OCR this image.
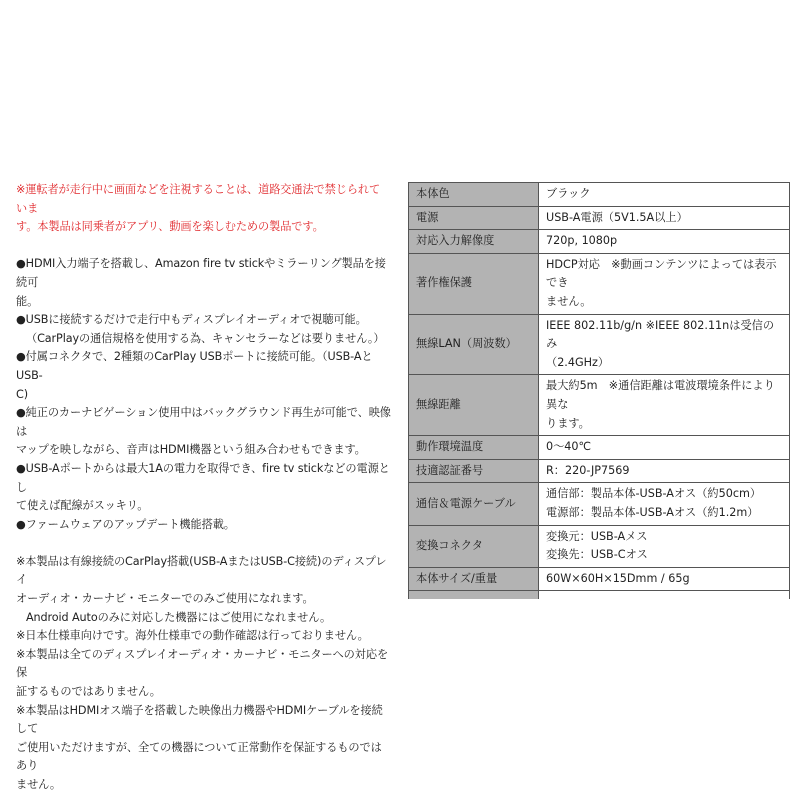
※運転者が走行中に画面などを注視することは、道路交通法で禁じられていま
す。本製品は同乗者がアプリ、動画を楽しむための製品です。

●HDMI入力端子を搭載し、Amazon fire tv stickやミラーリング製品を接続可
能。

●USBに接続するだけで走行中もディスプレイオーディオで視聴可能。

（CarPlayの通信規格を使用する為、キャンセラーなどは要りません。）

●付属コネクタで、2種類のCarPlay USBポートに接続可能。（USB-AとUSB-
C)

●純正のカーナビゲーション使用中はバックグラウンド再生が可能で、映像は
マップを映しながら、音声はHDMI機器という組み合わせもできます。

●USB-Aポートからは最大1Aの電力を取得でき、fire tv stickなどの電源とし
て使えば配線がスッキリ。

●ファームウェアのアップデート機能搭載。

※本製品は有線接続のCarPlay搭載(USB-AまたはUSB-C接続)のディスプレイ
オーディオ・カーナビ・モニターでのみご使用になれます。

Android Autoのみに対応した機器にはご使用になれません。

※日本仕様車向けです。海外仕様車での動作確認は行っておりません。

※本製品は全てのディスプレイオーディオ・カーナビ・モニターへの対応を保
証するものではありません。

※本製品はHDMIオス端子を搭載した映像出力機器やHDMIケーブルを接続して
ご使用いただけますが、全ての機器について正常動作を保証するものではあり
ません。

本体色	ブラック

電源	USB-A電源（5V1.5A以上）

対応入力解像度	720p, 1080p

著作権保護	HDCP対応　※動画コンテンツによっては表示でき
ません。

無線LAN（周波数）	IEEE 802.11b/g/n ※IEEE 802.11nは受信のみ
（2.4GHz）

無線距離	最大約5m　※通信距離は電波環境条件により異な
ります。

動作環境温度	0～40℃

技適認証番号	R：220-JP7569

通信＆電源ケーブル	通信部：製品本体-USB-Aオス（約50cm）
電源部：製品本体-USB-Aオス（約1.2m）

変換コネクタ	変換元：USB-Aメス
変換先：USB-Cオス

本体サイズ/重量	60W×60H×15Dmm / 65g
